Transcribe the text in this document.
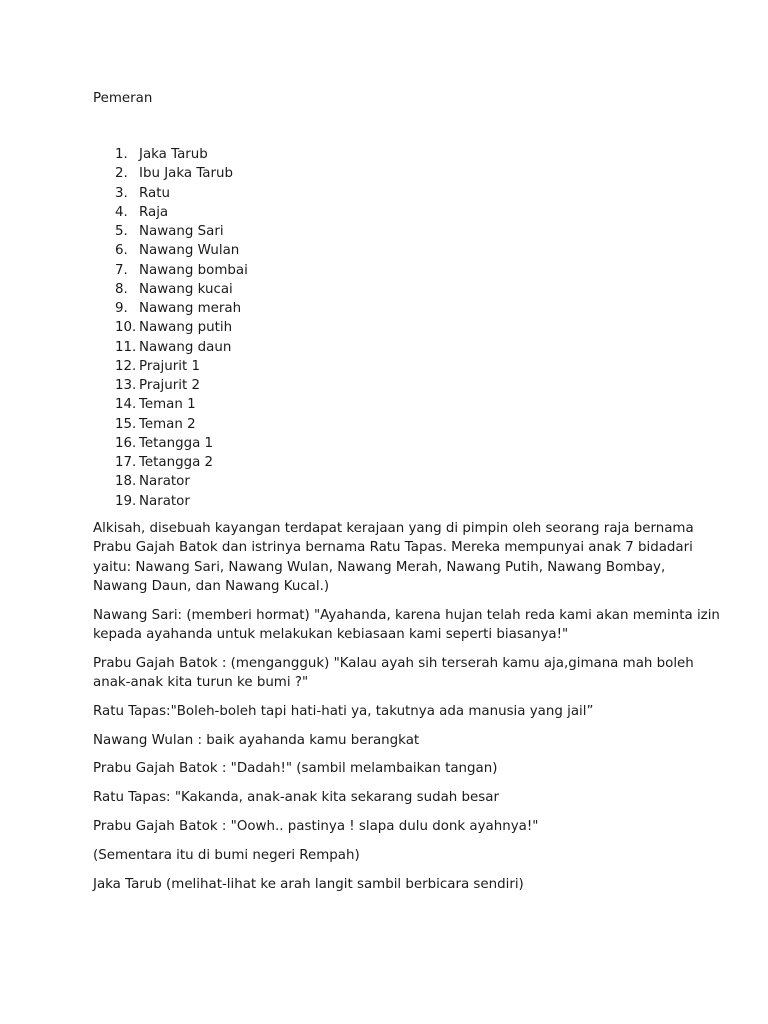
Pemeran
1. Jaka Tarub
2. Ibu Jaka Tarub
3. Ratu
4. Raja
5. Nawang Sari
6. Nawang Wulan
7. Nawang bombai
8. Nawang kucai
9. Nawang merah
10. Nawang putih
11. Nawang daun
12. Prajurit 1
13. Prajurit 2
14. Teman 1
15. Teman 2
16. Tetangga 1
17. Tetangga 2
18. Narator
19. Narator

Alkisah, disebuah kayangan terdapat kerajaan yang di pimpin oleh seorang raja bernama
Prabu Gajah Batok dan istrinya bernama Ratu Tapas. Mereka mempunyai anak 7 bidadari
yaitu: Nawang Sari, Nawang Wulan, Nawang Merah, Nawang Putih, Nawang Bombay,
Nawang Daun, dan Nawang Kucal.)

Nawang Sari: (memberi hormat) "Ayahanda, karena hujan telah reda kami akan meminta izin
kepada ayahanda untuk melakukan kebiasaan kami seperti biasanya!"

Prabu Gajah Batok : (mengangguk) "Kalau ayah sih terserah kamu aja,gimana mah boleh
anak-anak kita turun ke bumi ?"

Ratu Tapas:"Boleh-boleh tapi hati-hati ya, takutnya ada manusia yang jail”

Nawang Wulan : baik ayahanda kamu berangkat

Prabu Gajah Batok : "Dadah!" (sambil melambaikan tangan)

Ratu Tapas: "Kakanda, anak-anak kita sekarang sudah besar

Prabu Gajah Batok : "Oowh.. pastinya ! slapa dulu donk ayahnya!"

(Sementara itu di bumi negeri Rempah)

Jaka Tarub (melihat-lihat ke arah langit sambil berbicara sendiri)
